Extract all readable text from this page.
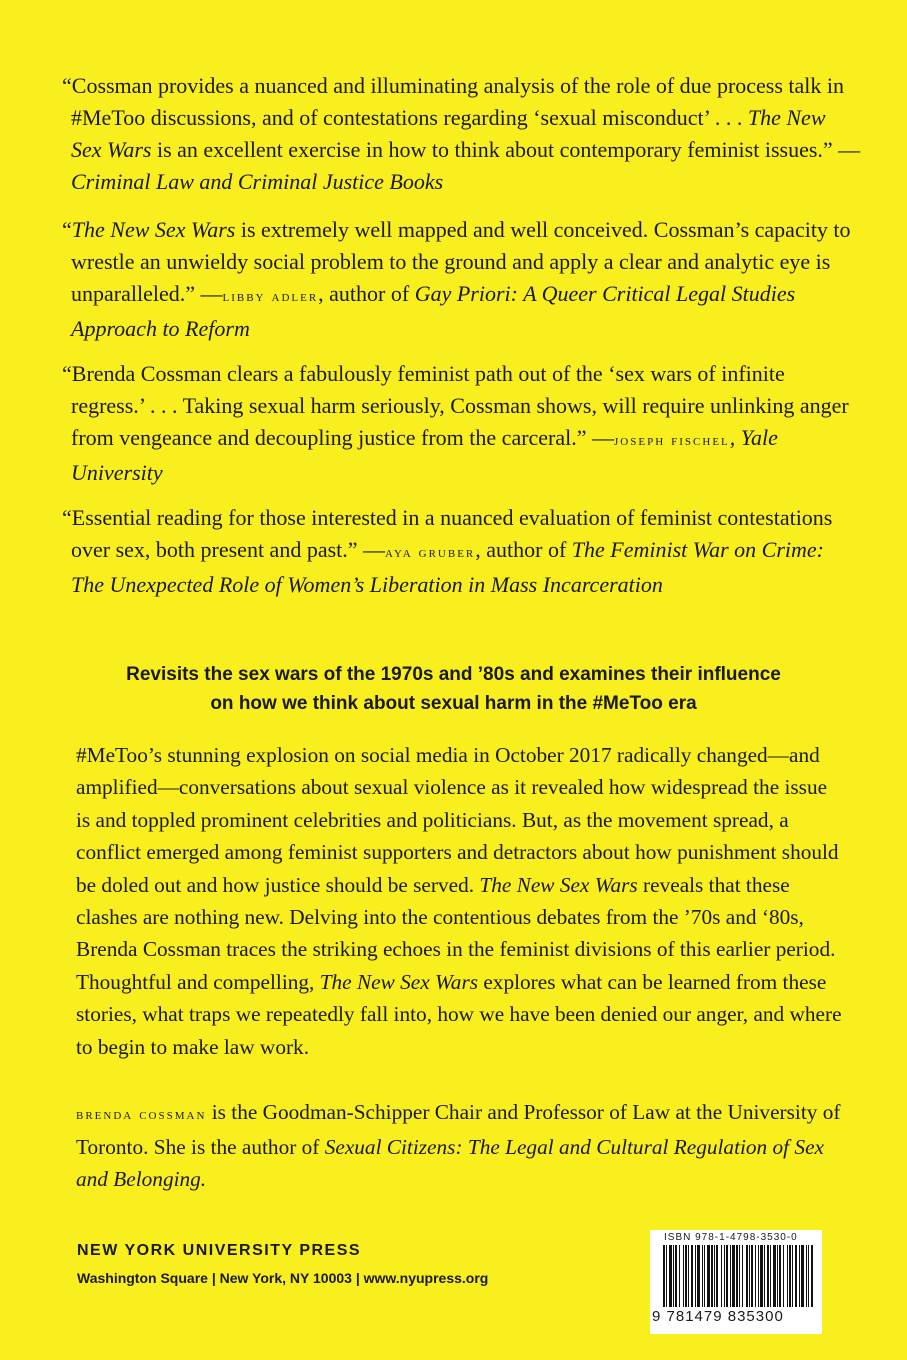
“Cossman provides a nuanced and illuminating analysis of the role of due process talk in #MeToo discussions, and of contestations regarding ‘sexual misconduct’ . . . The New Sex Wars is an excellent exercise in how to think about contemporary feminist issues.” —Criminal Law and Criminal Justice Books

“The New Sex Wars is extremely well mapped and well conceived. Cossman’s capacity to wrestle an unwieldy social problem to the ground and apply a clear and analytic eye is unparalleled.” —libby adler, author of Gay Priori: A Queer Critical Legal Studies Approach to Reform

“Brenda Cossman clears a fabulously feminist path out of the ‘sex wars of infinite regress.’ . . . Taking sexual harm seriously, Cossman shows, will require unlinking anger from vengeance and decoupling justice from the carceral.” —joseph fischel, Yale University

“Essential reading for those interested in a nuanced evaluation of feminist contestations over sex, both present and past.” —aya gruber, author of The Feminist War on Crime: The Unexpected Role of Women’s Liberation in Mass Incarceration

Revisits the sex wars of the 1970s and ’80s and examines their influence
on how we think about sexual harm in the #MeToo era

#MeToo’s stunning explosion on social media in October 2017 radically changed—and amplified—conversations about sexual violence as it revealed how widespread the issue is and toppled prominent celebrities and politicians. But, as the movement spread, a conflict emerged among feminist supporters and detractors about how punishment should be doled out and how justice should be served. The New Sex Wars reveals that these clashes are nothing new. Delving into the contentious debates from the ’70s and ‘80s, Brenda Cossman traces the striking echoes in the feminist divisions of this earlier period. Thoughtful and compelling, The New Sex Wars explores what can be learned from these stories, what traps we repeatedly fall into, how we have been denied our anger, and where to begin to make law work.

brenda cossman is the Goodman-Schipper Chair and Professor of Law at the University of Toronto. She is the author of Sexual Citizens: The Legal and Cultural Regulation of Sex and Belonging.

NEW YORK UNIVERSITY PRESS
Washington Square | New York, NY 10003 | www.nyupress.org
ISBN 978-1-4798-3530-0
9 781479 835300
